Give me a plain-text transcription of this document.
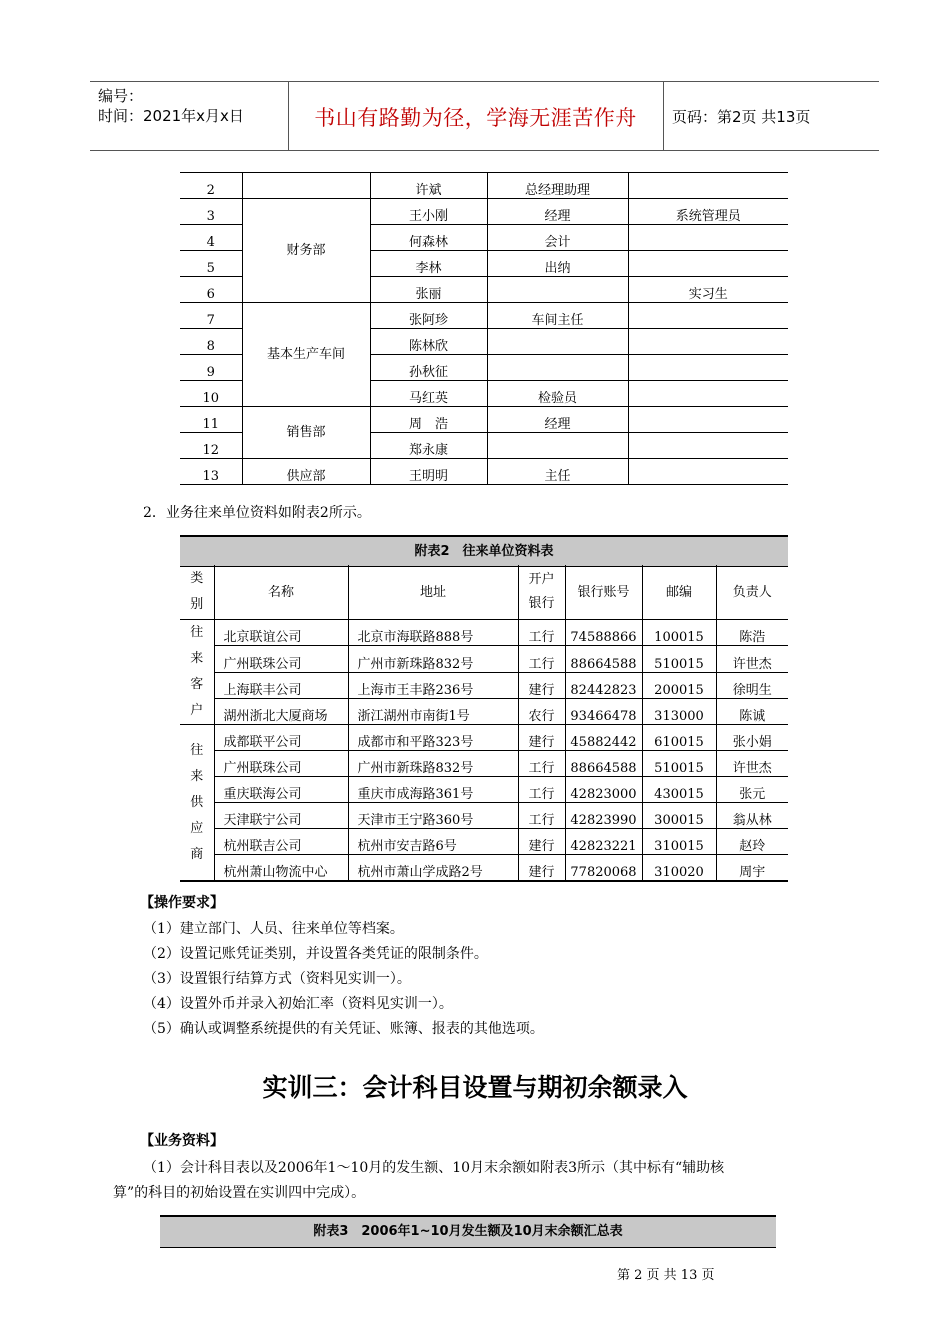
编号：
时间：2021年x月x日	书山有路勤为径，学海无涯苦作舟	页码：第2页 共13页
2		许斌	总经理助理	
3	财务部	王小刚	经理	系统管理员
4		何森林	会计	
5		李林	出纳	
6		张丽		实习生
7	基本生产车间	张阿珍	车间主任	
8		陈林欣		
9		孙秋征		
10		马红英	检验员	
11	销售部	周　浩	经理	
12		郑永康		
13	供应部	王明明	主任	
2．业务往来单位资料如附表2所示。
附表2　往来单位资料表
类别	名称	地址	开户银行	银行账号	邮编	负责人
往来客户	北京联谊公司	北京市海联路888号	工行	74588866	100015	陈浩
	广州联珠公司	广州市新珠路832号	工行	88664588	510015	许世杰
	上海联丰公司	上海市王丰路236号	建行	82442823	200015	徐明生
	湖州浙北大厦商场	浙江湖州市南街1号	农行	93466478	313000	陈诚
往来供应商	成都联平公司	成都市和平路323号	建行	45882442	610015	张小娟
	广州联珠公司	广州市新珠路832号	工行	88664588	510015	许世杰
	重庆联海公司	重庆市成海路361号	工行	42823000	430015	张元
	天津联宁公司	天津市王宁路360号	工行	42823990	300015	翁从林
	杭州联吉公司	杭州市安吉路6号	建行	42823221	310015	赵玲
	杭州萧山物流中心	杭州市萧山学成路2号	建行	77820068	310020	周宇
【操作要求】
（1）建立部门、人员、往来单位等档案。
（2）设置记账凭证类别，并设置各类凭证的限制条件。
（3）设置银行结算方式（资料见实训一）。
（4）设置外币并录入初始汇率（资料见实训一）。
（5）确认或调整系统提供的有关凭证、账簿、报表的其他选项。
实训三：会计科目设置与期初余额录入
【业务资料】
（1）会计科目表以及2006年1～10月的发生额、10月末余额如附表3所示（其中标有“辅助核
算”的科目的初始设置在实训四中完成）。
附表3　2006年1~10月发生额及10月末余额汇总表
第 2 页 共 13 页
